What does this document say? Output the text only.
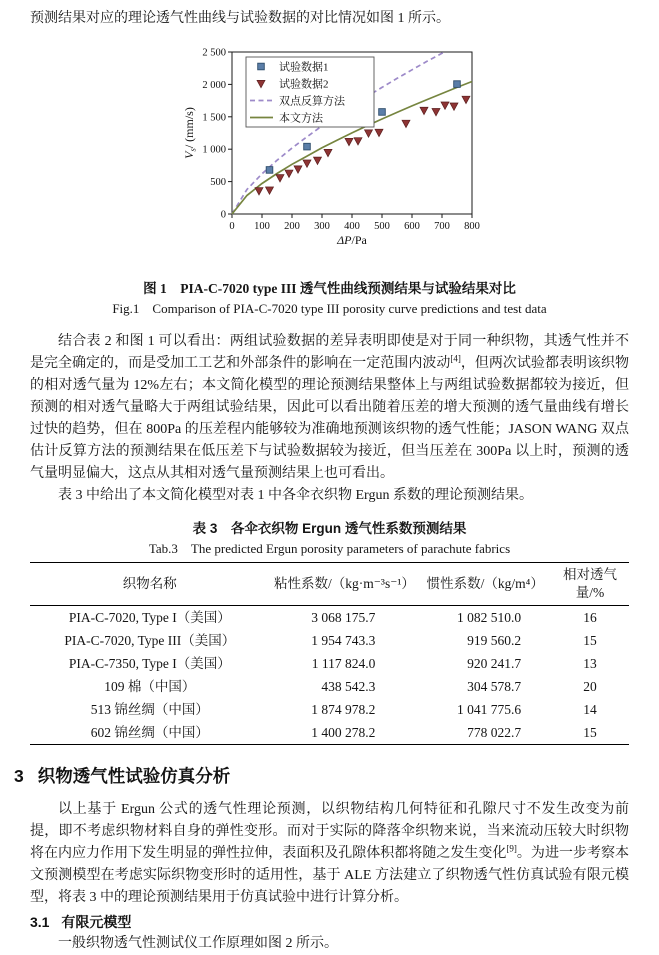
预测结果对应的理论透气性曲线与试验数据的对比情况如图 1 所示。

0 100 200 300 400 500 600 700 800
0
500
1 000
1 500
2 000
2 500
ΔP/Pa
$V_s/$ (mm/s)
试验数据1
试验数据2
双点反算方法
本文方法

图 1　PIA-C-7020 type III 透气性曲线预测结果与试验结果对比

Fig.1　Comparison of PIA-C-7020 type III porosity curve predictions and test data

结合表 2 和图 1 可以看出：两组试验数据的差异表明即使是对于同一种织物，其透气性并不是完全确定的，而是受加工工艺和外部条件的影响在一定范围内波动[4]，但两次试验都表明该织物的相对透气量为 12%左右；本文简化模型的理论预测结果整体上与两组试验数据都较为接近，但预测的相对透气量略大于两组试验结果，因此可以看出随着压差的增大预测的透气量曲线有增长过快的趋势，但在 800Pa 的压差程内能够较为准确地预测该织物的透气性能；JASON WANG 双点估计反算方法的预测结果在低压差下与试验数据较为接近，但当压差在 300Pa 以上时，预测的透气量明显偏大，这点从其相对透气量预测结果上也可看出。

表 3 中给出了本文简化模型对表 1 中各伞衣织物 Ergun 系数的理论预测结果。

表 3　各伞衣织物 Ergun 透气性系数预测结果

Tab.3　The predicted Ergun porosity parameters of parachute fabrics

织物名称	粘性系数/（kg·m⁻³s⁻¹）	惯性系数/（kg/m⁴）	相对透气量/%
PIA-C-7020, Type I（美国）	3 068 175.7	1 082 510.0	16
PIA-C-7020, Type III（美国）	1 954 743.3	919 560.2	15
PIA-C-7350, Type I（美国）	1 117 824.0	920 241.7	13
109 棉（中国）	438 542.3	304 578.7	20
513 锦丝绸（中国）	1 874 978.2	1 041 775.6	14
602 锦丝绸（中国）	1 400 278.2	778 022.7	15
3 织物透气性试验仿真分析

以上基于 Ergun 公式的透气性理论预测，以织物结构几何特征和孔隙尺寸不发生改变为前提，即不考虑织物材料自身的弹性变形。而对于实际的降落伞织物来说，当来流动压较大时织物将在内应力作用下发生明显的弹性拉伸，表面积及孔隙体积都将随之发生变化[9]。为进一步考察本文预测模型在考虑实际织物变形时的适用性，基于 ALE 方法建立了织物透气性仿真试验有限元模型，将表 3 中的理论预测结果用于仿真试验中进行计算分析。

3.1 有限元模型

一般织物透气性测试仪工作原理如图 2 所示。
